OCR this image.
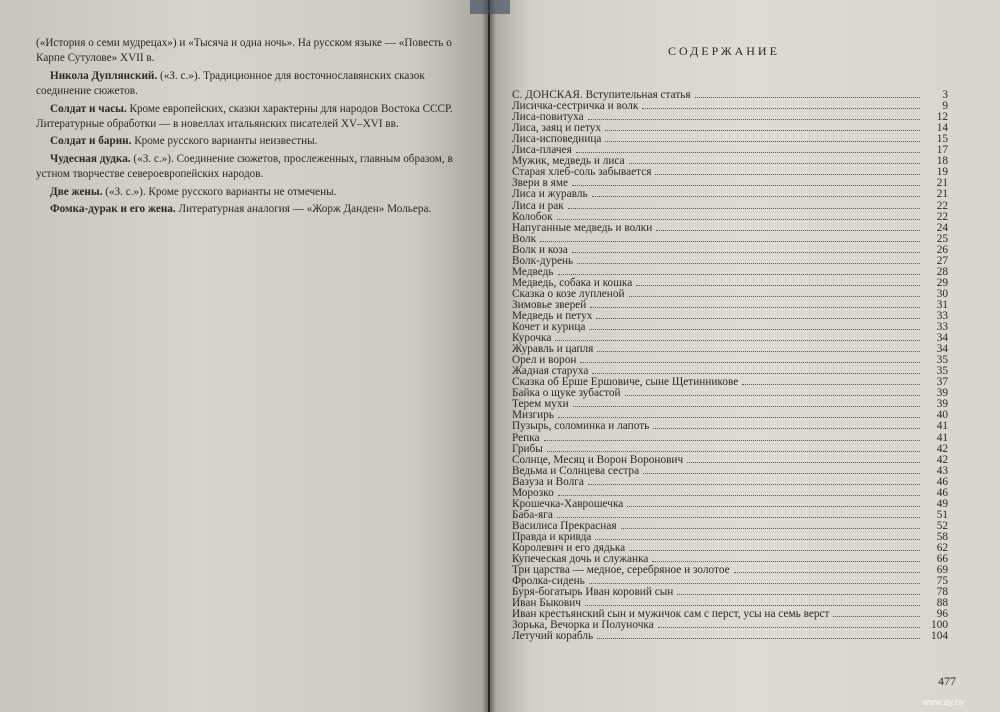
(«История о семи мудрецах») и «Тысяча и одна ночь». На русском языке — «Повесть о Карпе Сутулове» XVII в.

Никола Дуплянский. («З. с.»). Традиционное для восточнославянских сказок соединение сюжетов.

Солдат и часы. Кроме европейских, сказки характерны для народов Востока СССР. Литературные обработки — в новеллах итальянских писателей XV–XVI вв.

Солдат и барин. Кроме русского варианты неизвестны.

Чудесная дудка. («З. с.»). Соединение сюжетов, прослеженных, главным образом, в устном творчестве североевропейских народов.

Две жены. («З. с.»). Кроме русского варианты не отмечены.

Фомка-дурак и его жена. Литературная аналогия — «Жорж Данден» Мольера.

СОДЕРЖАНИЕ
С. ДОНСКАЯ. Вступительная статья	3
Лисичка-сестричка и волк	9
Лиса-повитуха	12
Лиса, заяц и петух	14
Лиса-исповедница	15
Лиса-плачея	17
Мужик, медведь и лиса	18
Старая хлеб-соль забывается	19
Звери в яме	21
Лиса и журавль	21
Лиса и рак	22
Колобок	22
Напуганные медведь и волки	24
Волк	25
Волк и коза	26
Волк-дурень	27
Медведь	28
Медведь, собака и кошка	29
Сказка о козе лупленой	30
Зимовье зверей	31
Медведь и петух	33
Кочет и курица	33
Курочка	34
Журавль и цапля	34
Орел и ворон	35
Жадная старуха	35
Сказка об Ерше Ершовиче, сыне Щетинникове	37
Байка о щуке зубастой	39
Терем мухи	39
Мизгирь	40
Пузырь, соломинка и лапоть	41
Репка	41
Грибы	42
Солнце, Месяц и Ворон Воронович	42
Ведьма и Солнцева сестра	43
Вазуза и Волга	46
Морозко	46
Крошечка-Хаврошечка	49
Баба-яга	51
Василиса Прекрасная	52
Правда и кривда	58
Королевич и его дядька	62
Купеческая дочь и служанка	66
Три царства — медное, серебряное и золотое	69
Фролка-сидень	75
Буря-богатырь Иван коровий сын	78
Иван Быкович	88
Иван крестьянский сын и мужичок сам с перст, усы на семь верст	96
Зорька, Вечорка и Полуночка	100
Летучий корабль	104
477
www.ay.by
